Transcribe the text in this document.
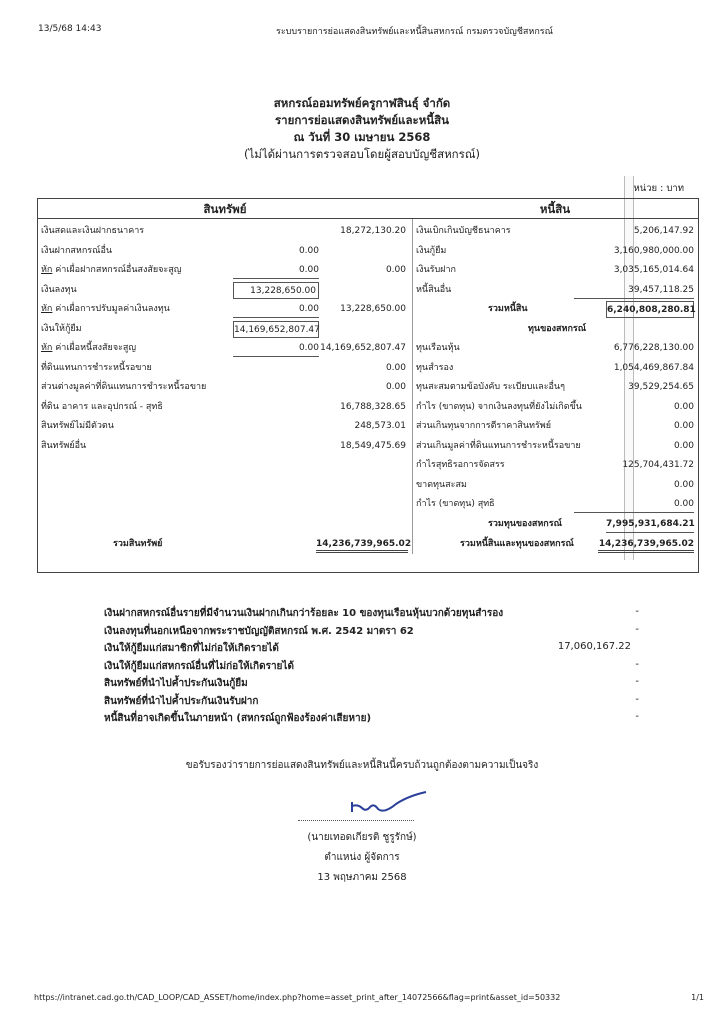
13/5/68 14:43	ระบบรายการย่อแสดงสินทรัพย์และหนี้สินสหกรณ์ กรมตรวจบัญชีสหกรณ์
สหกรณ์ออมทรัพย์ครูกาฬสินธุ์ จำกัด
รายการย่อแสดงสินทรัพย์และหนี้สิน
ณ วันที่ 30 เมษายน 2568
(ไม่ได้ผ่านการตรวจสอบโดยผู้สอบบัญชีสหกรณ์)
หน่วย : บาท
สินทรัพย์	หนี้สิน
เงินสดและเงินฝากธนาคาร	18,272,130.20
เงินฝากสหกรณ์อื่น	0.00
หัก ค่าเผื่อฝากสหกรณ์อื่นสงสัยจะสูญ	0.00	0.00
เงินลงทุน	13,228,650.00
หัก ค่าเผื่อการปรับมูลค่าเงินลงทุน	0.00	13,228,650.00
เงินให้กู้ยืม	14,169,652,807.47
หัก ค่าเผื่อหนี้สงสัยจะสูญ	0.00 14,169,652,807.47
ที่ดินแทนการชำระหนี้รอขาย	0.00
ส่วนต่างมูลค่าที่ดินแทนการชำระหนี้รอขาย	0.00
ที่ดิน อาคาร และอุปกรณ์ - สุทธิ	16,788,328.65
สินทรัพย์ไม่มีตัวตน	248,573.01
สินทรัพย์อื่น	18,549,475.69
รวมสินทรัพย์	14,236,739,965.02
เงินเบิกเกินบัญชีธนาคาร	5,206,147.92
เงินกู้ยืม	3,160,980,000.00
เงินรับฝาก	3,035,165,014.64
หนี้สินอื่น	39,457,118.25
รวมหนี้สิน	6,240,808,280.81
ทุนของสหกรณ์
ทุนเรือนหุ้น	6,776,228,130.00
ทุนสำรอง	1,054,469,867.84
ทุนสะสมตามข้อบังคับ ระเบียบและอื่นๆ	39,529,254.65
กำไร (ขาดทุน) จากเงินลงทุนที่ยังไม่เกิดขึ้น	0.00
ส่วนเกินทุนจากการตีราคาสินทรัพย์	0.00
ส่วนเกินมูลค่าที่ดินแทนการชำระหนี้รอขาย	0.00
กำไรสุทธิรอการจัดสรร	125,704,431.72
ขาดทุนสะสม	0.00
กำไร (ขาดทุน) สุทธิ	0.00
รวมทุนของสหกรณ์	7,995,931,684.21
รวมหนี้สินและทุนของสหกรณ์	14,236,739,965.02
เงินฝากสหกรณ์อื่นรายที่มีจำนวนเงินฝากเกินกว่าร้อยละ 10 ของทุนเรือนหุ้นบวกด้วยทุนสำรอง	-
เงินลงทุนที่นอกเหนือจากพระราชบัญญัติสหกรณ์ พ.ศ. 2542 มาตรา 62	-
เงินให้กู้ยืมแก่สมาชิกที่ไม่ก่อให้เกิดรายได้	17,060,167.22
เงินให้กู้ยืมแก่สหกรณ์อื่นที่ไม่ก่อให้เกิดรายได้	-
สินทรัพย์ที่นำไปค้ำประกันเงินกู้ยืม	-
สินทรัพย์ที่นำไปค้ำประกันเงินรับฝาก	-
หนี้สินที่อาจเกิดขึ้นในภายหน้า (สหกรณ์ถูกฟ้องร้องค่าเสียหาย)	-
ขอรับรองว่ารายการย่อแสดงสินทรัพย์และหนี้สินนี้ครบถ้วนถูกต้องตามความเป็นจริง
(นายเทอดเกียรติ ชูรูรักษ์)
ตำแหน่ง ผู้จัดการ
13 พฤษภาคม 2568
https://intranet.cad.go.th/CAD_LOOP/CAD_ASSET/home/index.php?home=asset_print_after_14072566&flag=print&asset_id=50332	1/1
